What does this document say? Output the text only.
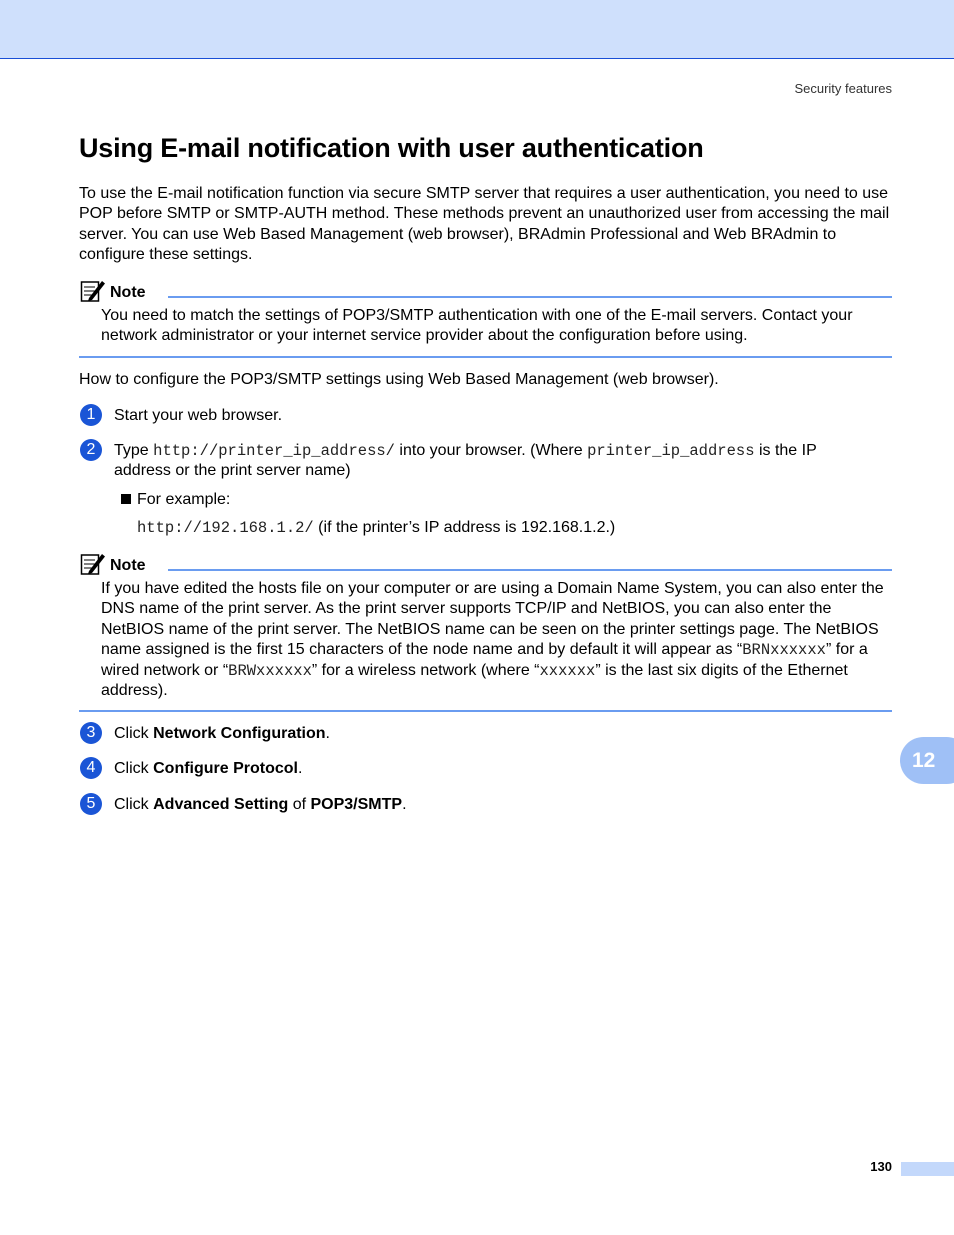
Security features
Using E-mail notification with user authentication

To use the E-mail notification function via secure SMTP server that requires a user authentication, you need to use POP before SMTP or SMTP-AUTH method. These methods prevent an unauthorized user from accessing the mail server. You can use Web Based Management (web browser), BRAdmin Professional and Web BRAdmin to configure these settings.

Note

You need to match the settings of POP3/SMTP authentication with one of the E-mail servers. Contact your network administrator or your internet service provider about the configuration before using.

How to configure the POP3/SMTP settings using Web Based Management (web browser).

1	Start your web browser.
2	Type http://printer_ip_address/ into your browser. (Where printer_ip_address is the IP
address or the print server name)
For example:
http://192.168.1.2/ (if the printer’s IP address is 192.168.1.2.)
Note

If you have edited the hosts file on your computer or are using a Domain Name System, you can also enter the DNS name of the print server. As the print server supports TCP/IP and NetBIOS, you can also enter the NetBIOS name of the print server. The NetBIOS name can be seen on the printer settings page. The NetBIOS name assigned is the first 15 characters of the node name and by default it will appear as “BRNxxxxxx” for a wired network or “BRWxxxxxx” for a wireless network (where “xxxxxx” is the last six digits of the Ethernet address).

3	Click Network Configuration.
4	Click Configure Protocol.
5	Click Advanced Setting of POP3/SMTP.
12
130
